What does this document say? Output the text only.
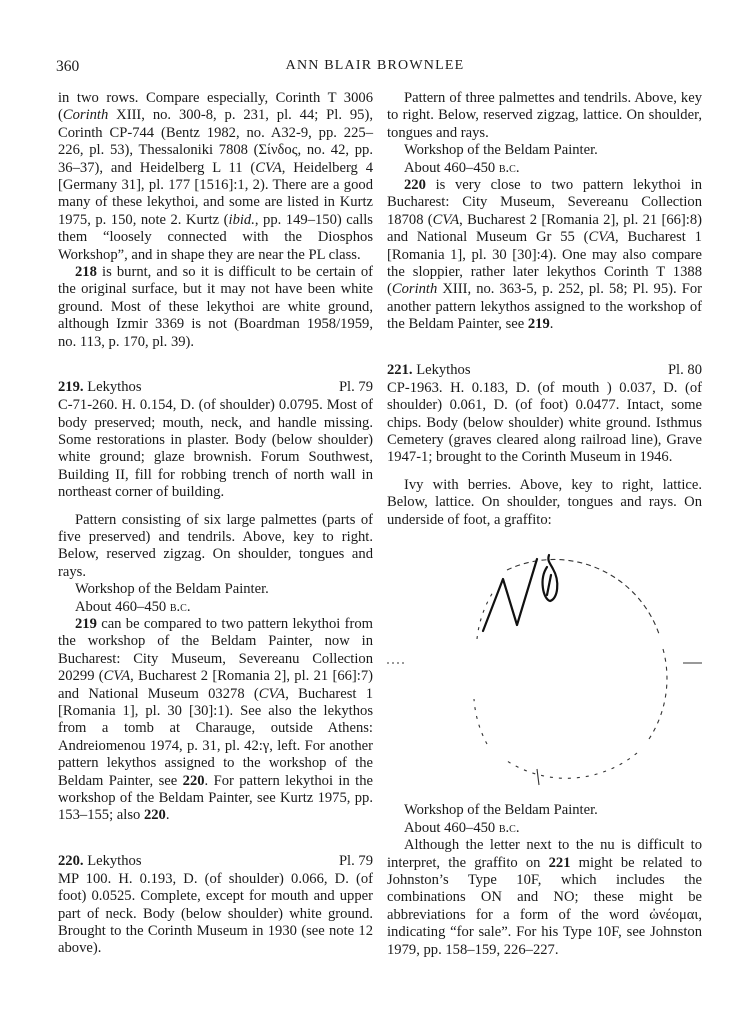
360	ANN BLAIR BROWNLEE

in two rows. Compare especially, Corinth T 3006 (Corinth XIII, no. 300-8, p. 231, pl. 44; Pl. 95), Corinth CP-744 (Bentz 1982, no. A32-9, pp. 225–226, pl. 53), Thessaloniki 7808 (Σίνδος, no. 42, pp. 36–37), and Heidelberg L 11 (CVA, Heidelberg 4 [Germany 31], pl. 177 [1516]:1, 2). There are a good many of these lekythoi, and some are listed in Kurtz 1975, p. 150, note 2. Kurtz (ibid., pp. 149–150) calls them “loosely connected with the Diosphos Workshop”, and in shape they are near the PL class.

218 is burnt, and so it is difficult to be certain of the original surface, but it may not have been white ground. Most of these lekythoi are white ground, although Izmir 3369 is not (Boardman 1958/1959, no. 113, p. 170, pl. 39).

219. Lekythos	Pl. 79

C-71-260. H. 0.154, D. (of shoulder) 0.0795. Most of body preserved; mouth, neck, and handle missing. Some restorations in plaster. Body (below shoulder) white ground; glaze brownish. Forum Southwest, Building II, fill for robbing trench of north wall in northeast corner of building.

Pattern consisting of six large palmettes (parts of five preserved) and tendrils. Above, key to right. Below, reserved zigzag. On shoulder, tongues and rays.

Workshop of the Beldam Painter.

About 460–450 b.c.

219 can be compared to two pattern lekythoi from the workshop of the Beldam Painter, now in Bucharest: City Museum, Severeanu Collection 20299 (CVA, Bucharest 2 [Romania 2], pl. 21 [66]:7) and National Museum 03278 (CVA, Bucharest 1 [Romania 1], pl. 30 [30]:1). See also the lekythos from a tomb at Charauge, outside Athens: Andreiomenou 1974, p. 31, pl. 42:γ, left. For another pattern lekythos assigned to the workshop of the Beldam Painter, see 220. For pattern lekythoi in the workshop of the Beldam Painter, see Kurtz 1975, pp. 153–155; also 220.

220. Lekythos	Pl. 79

MP 100. H. 0.193, D. (of shoulder) 0.066, D. (of foot) 0.0525. Complete, except for mouth and upper part of neck. Body (below shoulder) white ground. Brought to the Corinth Museum in 1930 (see note 12 above).

Pattern of three palmettes and tendrils. Above, key to right. Below, reserved zigzag, lattice. On shoulder, tongues and rays.

Workshop of the Beldam Painter.

About 460–450 b.c.

220 is very close to two pattern lekythoi in Bucharest: City Museum, Severeanu Collection 18708 (CVA, Bucharest 2 [Romania 2], pl. 21 [66]:8) and National Museum Gr 55 (CVA, Bucharest 1 [Romania 1], pl. 30 [30]:4). One may also compare the sloppier, rather later lekythos Corinth T 1388 (Corinth XIII, no. 363-5, p. 252, pl. 58; Pl. 95). For another pattern lekythos assigned to the workshop of the Beldam Painter, see 219.

221. Lekythos	Pl. 80

CP-1963. H. 0.183, D. (of mouth ) 0.037, D. (of shoulder) 0.061, D. (of foot) 0.0477. Intact, some chips. Body (below shoulder) white ground. Isthmus Cemetery (graves cleared along railroad line), Grave 1947-1; brought to the Corinth Museum in 1946.

Ivy with berries. Above, key to right, lattice. Below, lattice. On shoulder, tongues and rays. On underside of foot, a graffito:

Workshop of the Beldam Painter.

About 460–450 b.c.

Although the letter next to the nu is difficult to interpret, the graffito on 221 might be related to Johnston’s Type 10F, which includes the combinations ON and NO; these might be abbreviations for a form of the word ὠνέομαι, indicating “for sale”. For his Type 10F, see Johnston 1979, pp. 158–159, 226–227.
